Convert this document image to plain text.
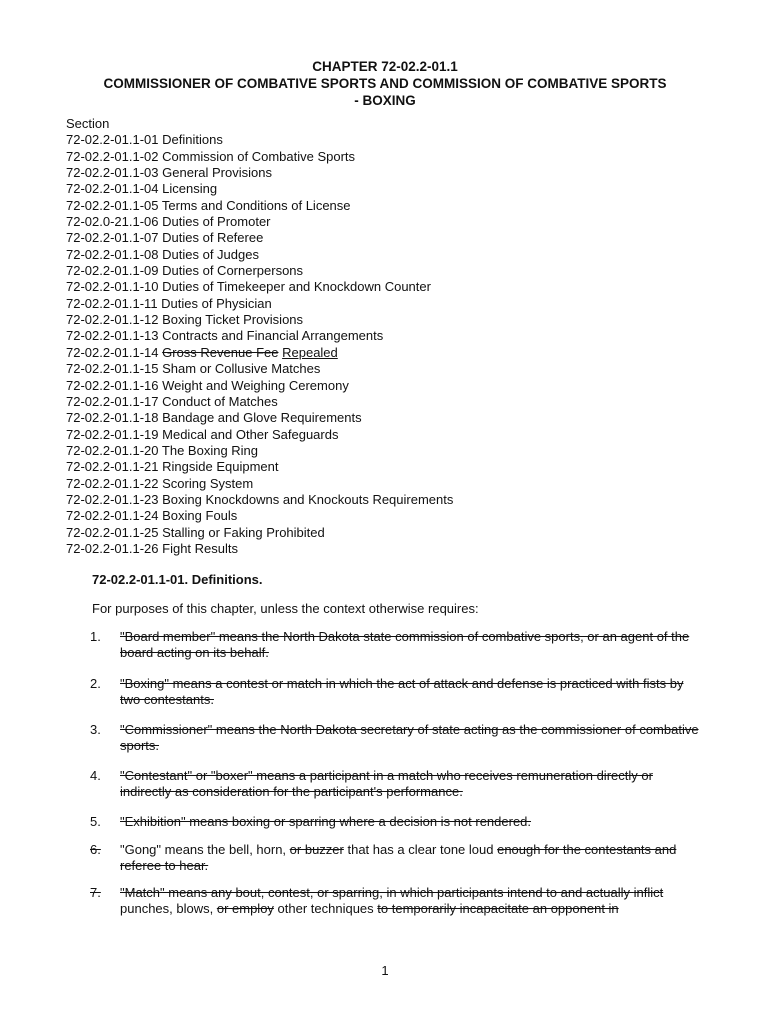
CHAPTER 72-02.2-01.1
COMMISSIONER OF COMBATIVE SPORTS AND COMMISSION OF COMBATIVE SPORTS
- BOXING
Section
72-02.2-01.1-01 Definitions
72-02.2-01.1-02 Commission of Combative Sports
72-02.2-01.1-03 General Provisions
72-02.2-01.1-04 Licensing
72-02.2-01.1-05 Terms and Conditions of License
72-02.0-21.1-06 Duties of Promoter
72-02.2-01.1-07 Duties of Referee
72-02.2-01.1-08 Duties of Judges
72-02.2-01.1-09 Duties of Cornerpersons
72-02.2-01.1-10 Duties of Timekeeper and Knockdown Counter
72-02.2-01.1-11 Duties of Physician
72-02.2-01.1-12 Boxing Ticket Provisions
72-02.2-01.1-13 Contracts and Financial Arrangements
72-02.2-01.1-14 Gross Revenue Fee Repealed
72-02.2-01.1-15 Sham or Collusive Matches
72-02.2-01.1-16 Weight and Weighing Ceremony
72-02.2-01.1-17 Conduct of Matches
72-02.2-01.1-18 Bandage and Glove Requirements
72-02.2-01.1-19 Medical and Other Safeguards
72-02.2-01.1-20 The Boxing Ring
72-02.2-01.1-21 Ringside Equipment
72-02.2-01.1-22 Scoring System
72-02.2-01.1-23 Boxing Knockdowns and Knockouts Requirements
72-02.2-01.1-24 Boxing Fouls
72-02.2-01.1-25 Stalling or Faking Prohibited
72-02.2-01.1-26 Fight Results
72-02.2-01.1-01. Definitions.
For purposes of this chapter, unless the context otherwise requires:
1.	"Board member" means the North Dakota state commission of combative sports, or an agent of the board acting on its behalf.
2.	"Boxing" means a contest or match in which the act of attack and defense is practiced with fists by two contestants.
3.	"Commissioner" means the North Dakota secretary of state acting as the commissioner of combative sports.
4.	"Contestant" or "boxer" means a participant in a match who receives remuneration directly or indirectly as consideration for the participant's performance.
5.	"Exhibition" means boxing or sparring where a decision is not rendered.
6.	"Gong" means the bell, horn, or buzzer that has a clear tone loud enough for the contestants and referee to hear.
7.	"Match" means any bout, contest, or sparring, in which participants intend to and actually inflict punches, blows, or employ other techniques to temporarily incapacitate an opponent in
1
